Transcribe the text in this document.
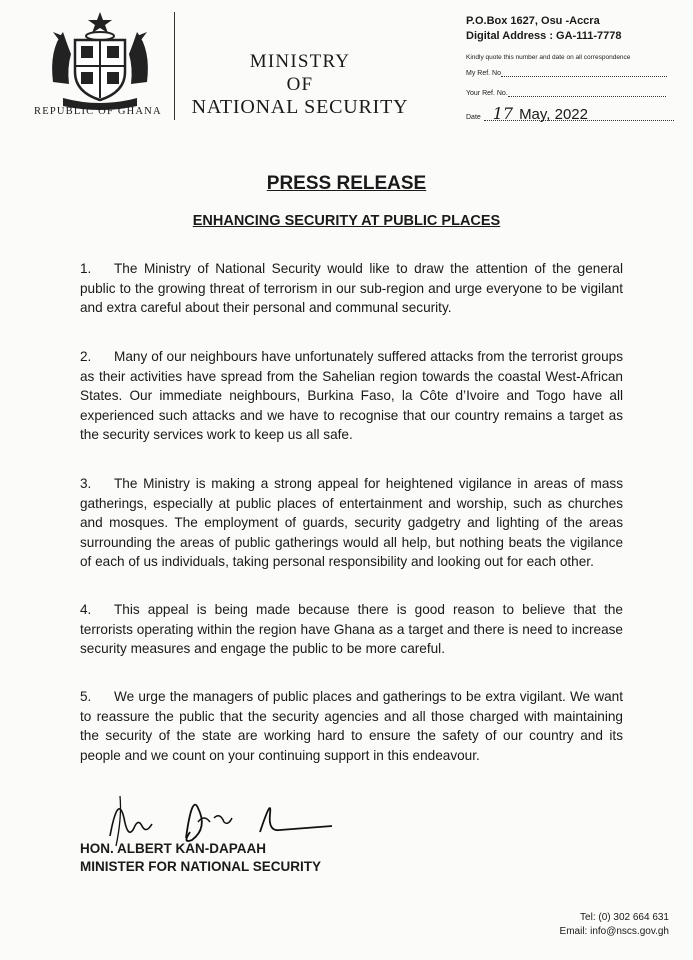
REPUBLIC OF GHANA
MINISTRY
OF
NATIONAL SECURITY
P.O.Box 1627, Osu -Accra
Digital Address : GA-111-7778
Kindly quote this number and date on all correspondence
My Ref. No
Your Ref. No.
Date 17 May, 2022
PRESS RELEASE
ENHANCING SECURITY AT PUBLIC PLACES
1. The Ministry of National Security would like to draw the attention of the general public to the growing threat of terrorism in our sub-region and urge everyone to be vigilant and extra careful about their personal and communal security.
2. Many of our neighbours have unfortunately suffered attacks from the terrorist groups as their activities have spread from the Sahelian region towards the coastal West-African States. Our immediate neighbours, Burkina Faso, la Côte d’Ivoire and Togo have all experienced such attacks and we have to recognise that our country remains a target as the security services work to keep us all safe.
3. The Ministry is making a strong appeal for heightened vigilance in areas of mass gatherings, especially at public places of entertainment and worship, such as churches and mosques. The employment of guards, security gadgetry and lighting of the areas surrounding the areas of public gatherings would all help, but nothing beats the vigilance of each of us individuals, taking personal responsibility and looking out for each other.
4. This appeal is being made because there is good reason to believe that the terrorists operating within the region have Ghana as a target and there is need to increase security measures and engage the public to be more careful.
5. We urge the managers of public places and gatherings to be extra vigilant. We want to reassure the public that the security agencies and all those charged with maintaining the security of the state are working hard to ensure the safety of our country and its people and we count on your continuing support in this endeavour.
HON. ALBERT KAN-DAPAAH
MINISTER FOR NATIONAL SECURITY
Tel: (0) 302 664 631
Email: info@nscs.gov.gh
